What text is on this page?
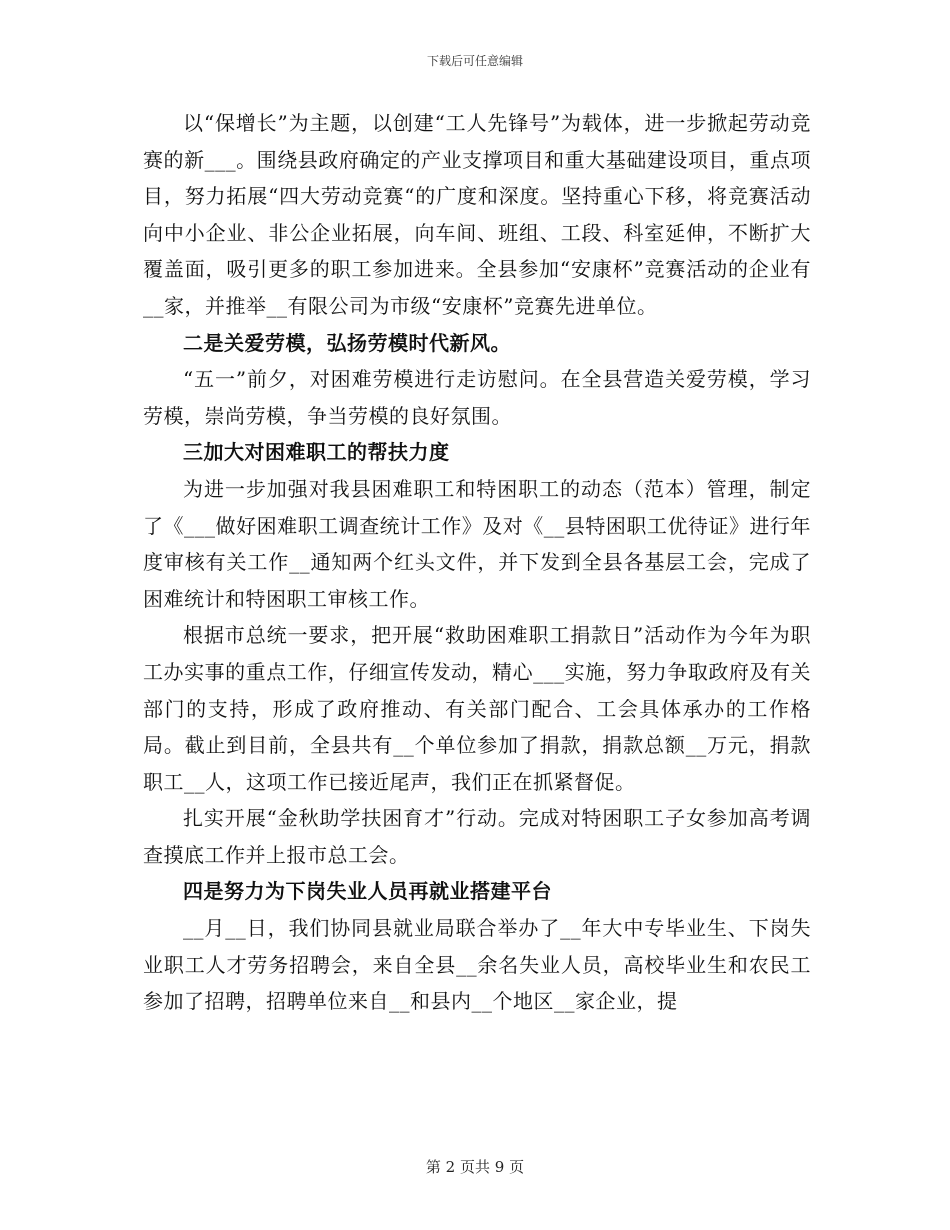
下载后可任意编辑

以“保增长”为主题，以创建“工人先锋号”为载体，进一步掀起劳动竞赛的新___。围绕县政府确定的产业支撑项目和重大基础建设项目，重点项目，努力拓展“四大劳动竞赛“的广度和深度。坚持重心下移，将竞赛活动向中小企业、非公企业拓展，向车间、班组、工段、科室延伸，不断扩大覆盖面，吸引更多的职工参加进来。全县参加“安康杯”竞赛活动的企业有__家，并推举__有限公司为市级“安康杯”竞赛先进单位。

二是关爱劳模，弘扬劳模时代新风。

“五一”前夕，对困难劳模进行走访慰问。在全县营造关爱劳模，学习劳模，崇尚劳模，争当劳模的良好氛围。

三加大对困难职工的帮扶力度

为进一步加强对我县困难职工和特困职工的动态（范本）管理，制定了《___做好困难职工调查统计工作》及对《__县特困职工优待证》进行年度审核有关工作__通知两个红头文件，并下发到全县各基层工会，完成了困难统计和特困职工审核工作。

根据市总统一要求，把开展“救助困难职工捐款日”活动作为今年为职工办实事的重点工作，仔细宣传发动，精心___实施，努力争取政府及有关部门的支持，形成了政府推动、有关部门配合、工会具体承办的工作格局。截止到目前，全县共有__个单位参加了捐款，捐款总额__万元，捐款职工__人，这项工作已接近尾声，我们正在抓紧督促。

扎实开展“金秋助学扶困育才”行动。完成对特困职工子女参加高考调查摸底工作并上报市总工会。

四是努力为下岗失业人员再就业搭建平台

__月__日，我们协同县就业局联合举办了__年大中专毕业生、下岗失业职工人才劳务招聘会，来自全县__余名失业人员，高校毕业生和农民工参加了招聘，招聘单位来自__和县内__个地区__家企业，提

第 2 页共 9 页
